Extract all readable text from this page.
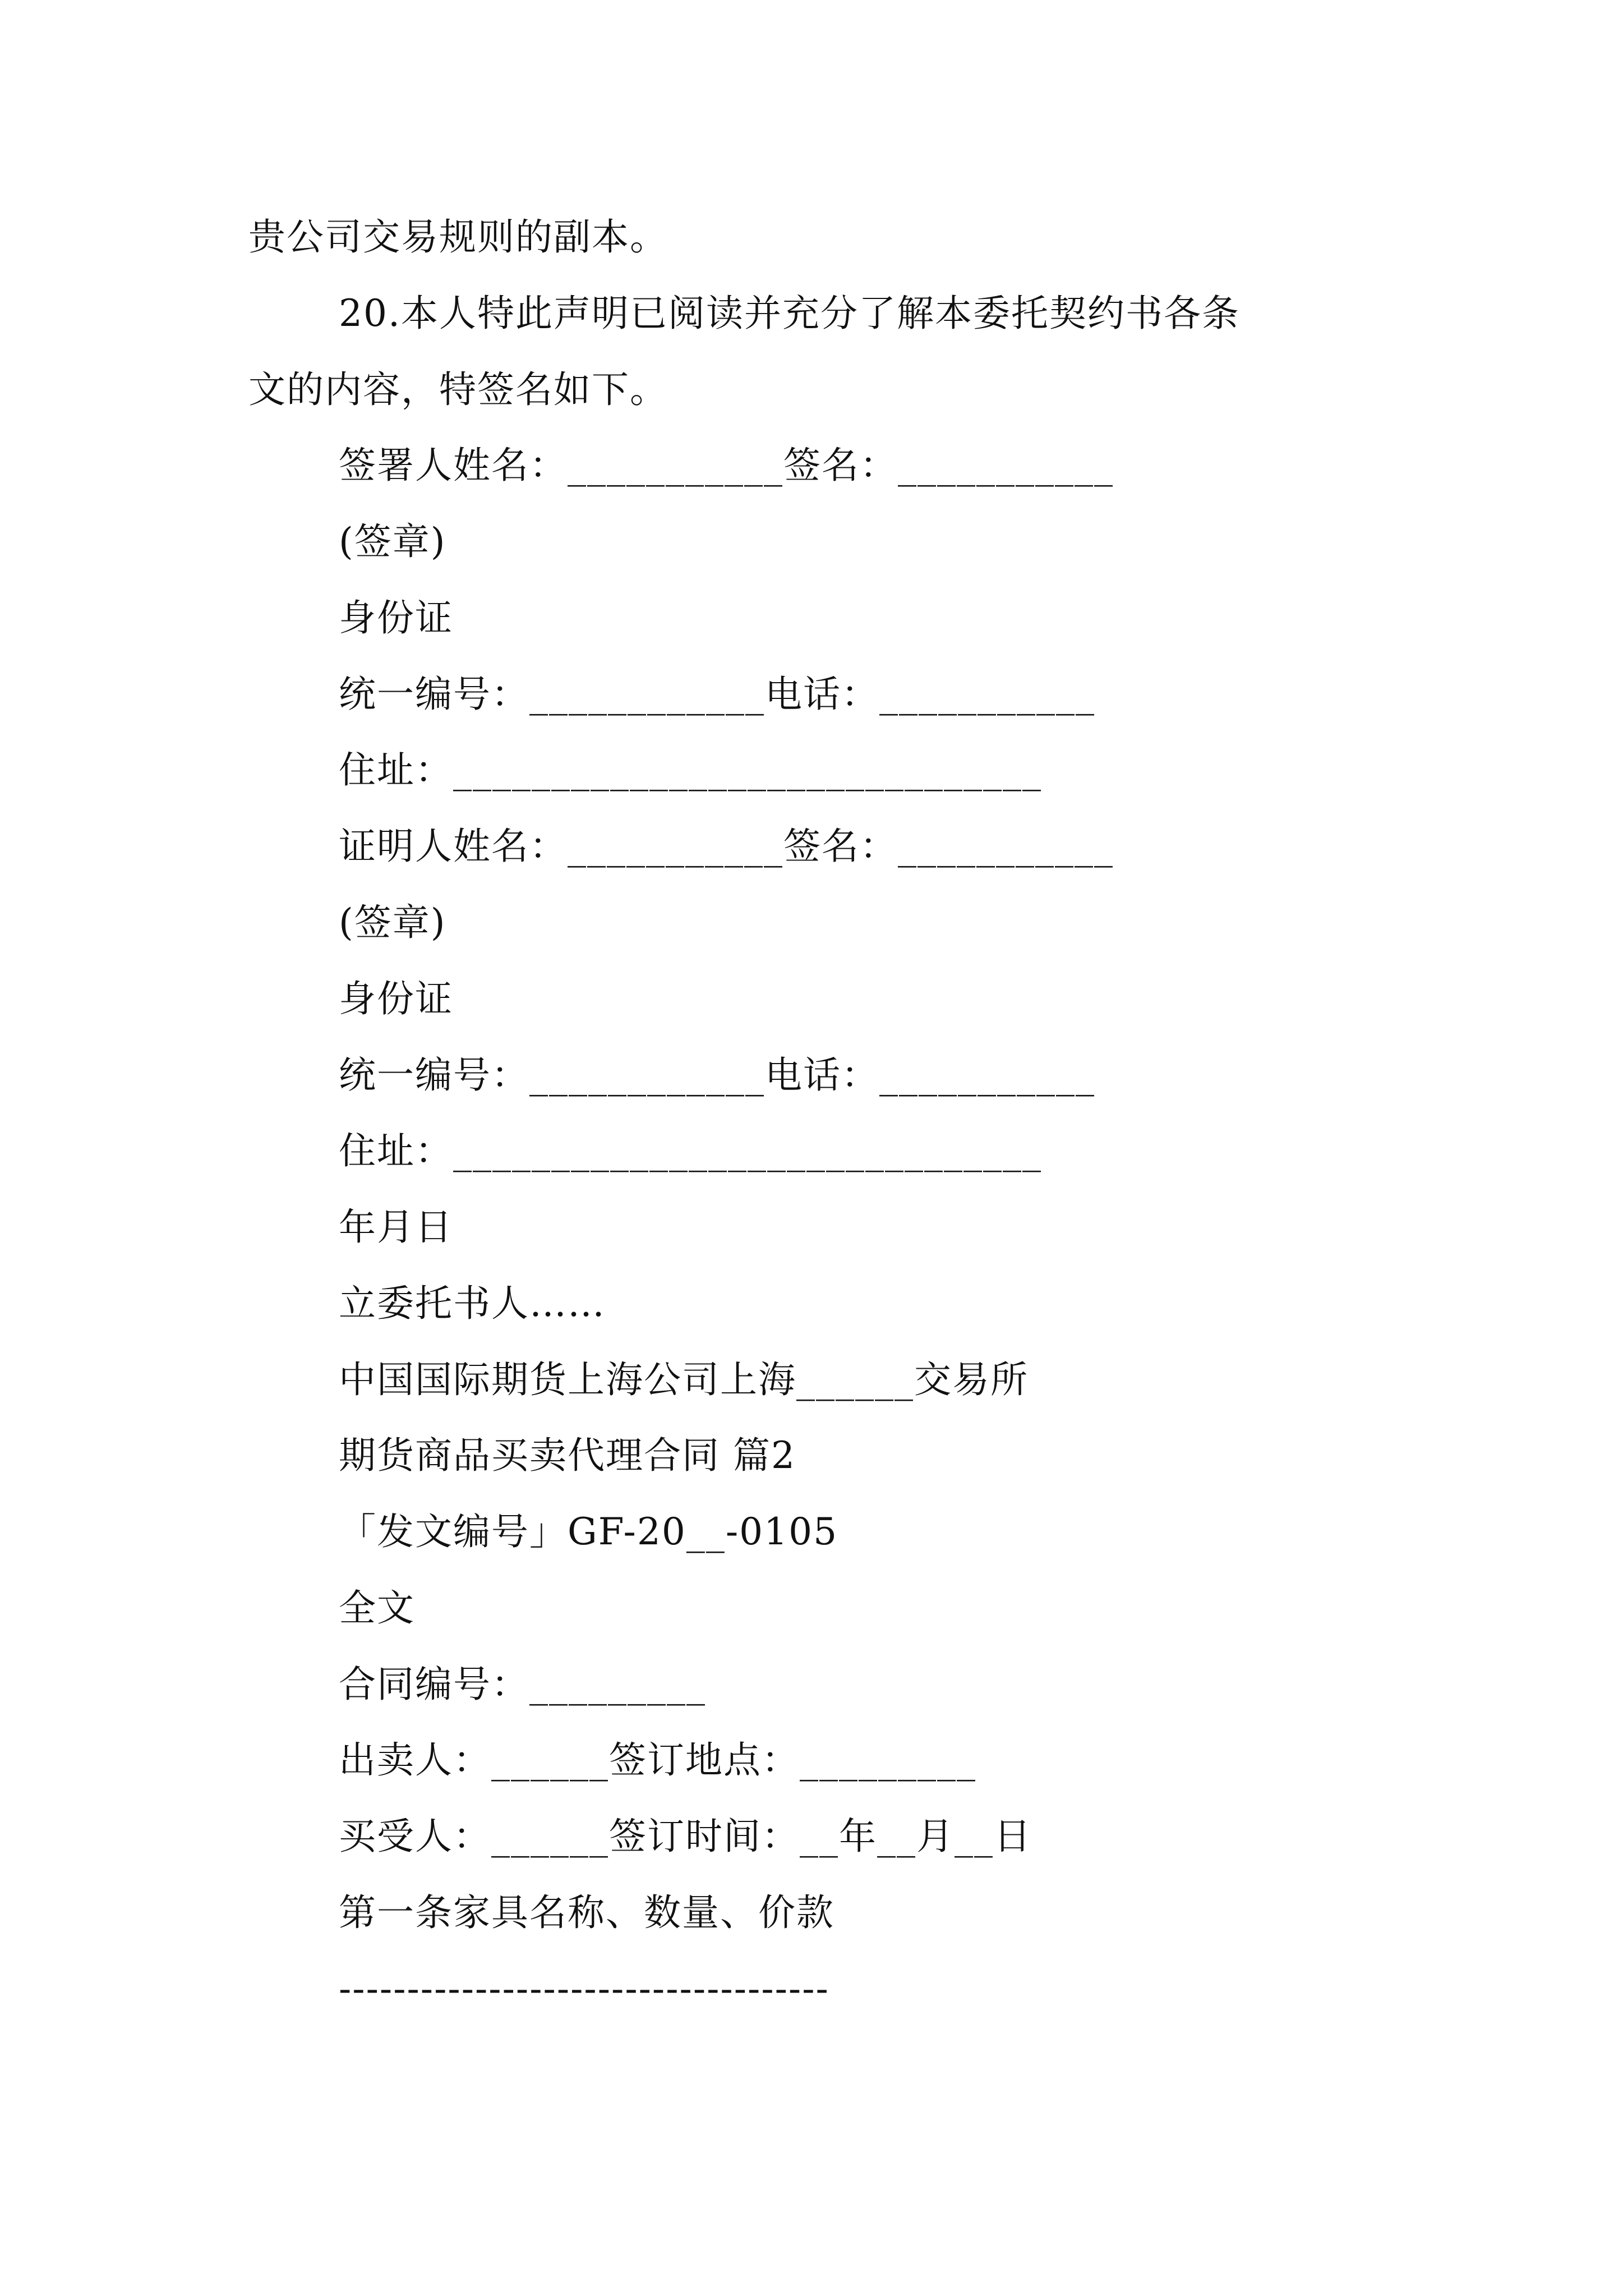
贵公司交易规则的副本。
20.本人特此声明已阅读并充分了解本委托契约书各条
文的内容，特签名如下。
签署人姓名：___________签名：___________
(签章)
身份证
统一编号：____________电话：___________
住址：______________________________
证明人姓名：___________签名：___________
(签章)
身份证
统一编号：____________电话：___________
住址：______________________________
年月日
立委托书人……
中国国际期货上海公司上海______交易所
期货商品买卖代理合同 篇2
「发文编号」GF-20__-0105
全文
合同编号：_________
出卖人：______签订地点：_________
买受人：______签订时间：__年__月__日
第一条家具名称、数量、价款
------------------------------------
